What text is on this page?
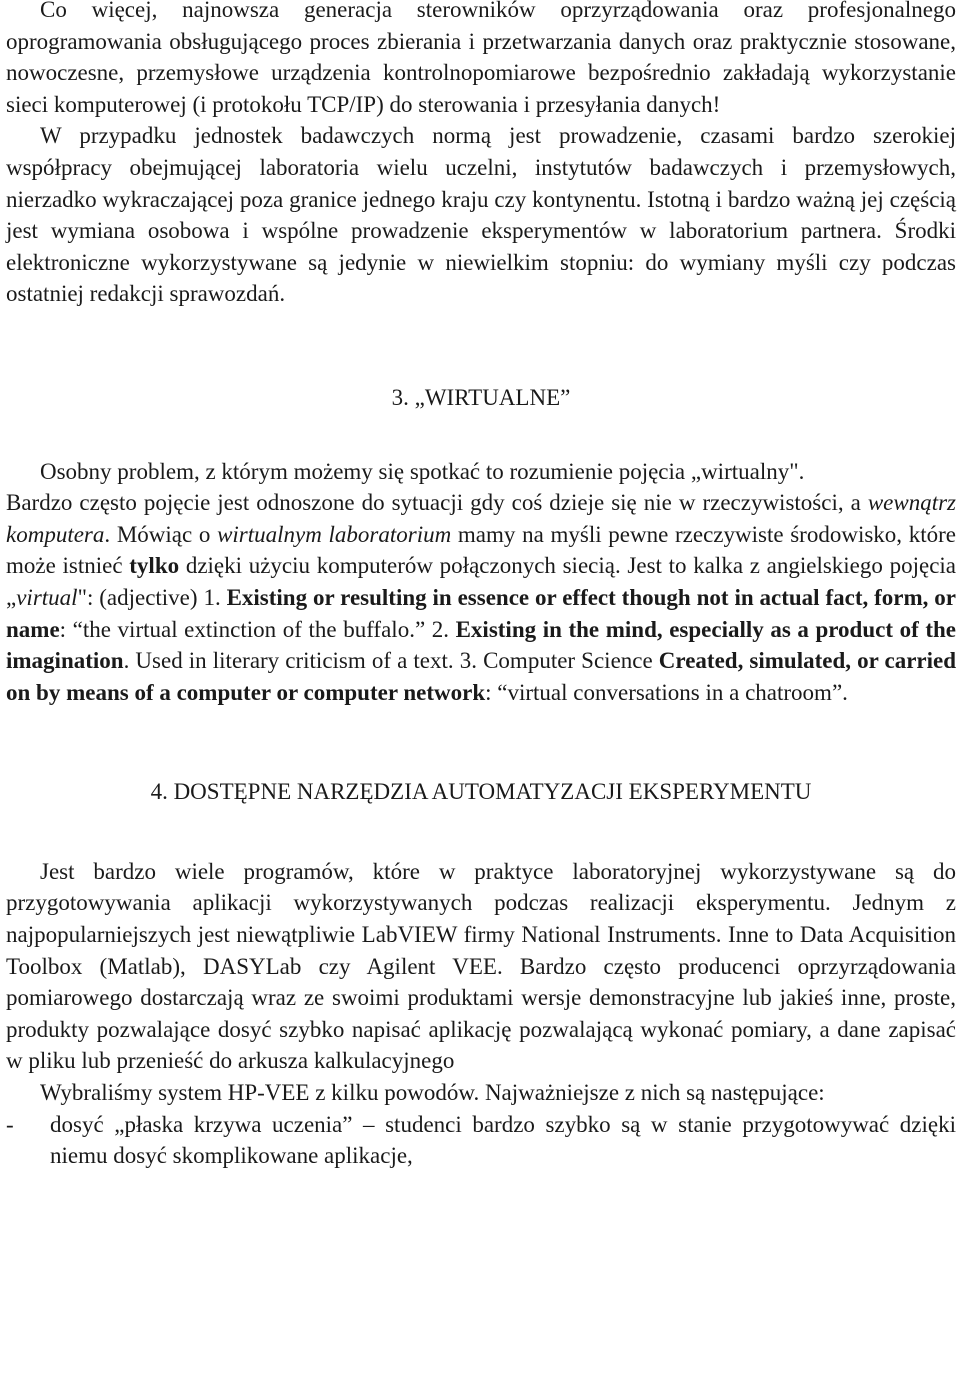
Co więcej, najnowsza generacja sterowników oprzyrządowania oraz profesjonalnego oprogramowania obsługującego proces zbierania i przetwarzania danych oraz praktycznie stosowane, nowoczesne, przemysłowe urządzenia kontrolnopomiarowe bezpośrednio zakładają wykorzystanie sieci komputerowej (i protokołu TCP/IP) do sterowania i przesyłania danych!

W przypadku jednostek badawczych normą jest prowadzenie, czasami bardzo szerokiej współpracy obejmującej laboratoria wielu uczelni, instytutów badawczych i przemysłowych, nierzadko wykraczającej poza granice jednego kraju czy kontynentu. Istotną i bardzo ważną jej częścią jest wymiana osobowa i wspólne prowadzenie eksperymentów w laboratorium partnera. Środki elektroniczne wykorzystywane są jedynie w niewielkim stopniu: do wymiany myśli czy podczas ostatniej redakcji sprawozdań.

3. „WIRTUALNE”

Osobny problem, z którym możemy się spotkać to rozumienie pojęcia „wirtualny".

Bardzo często pojęcie jest odnoszone do sytuacji gdy coś dzieje się nie w rzeczywistości, a wewnątrz komputera. Mówiąc o wirtualnym laboratorium mamy na myśli pewne rzeczywiste środowisko, które może istnieć tylko dzięki użyciu komputerów połączonych siecią. Jest to kalka z angielskiego pojęcia „virtual": (adjective) 1. Existing or resulting in essence or effect though not in actual fact, form, or name: “the virtual extinction of the buffalo.” 2. Existing in the mind, especially as a product of the imagination. Used in literary criticism of a text. 3. Computer Science Created, simulated, or carried on by means of a computer or computer network: “virtual conversations in a chatroom”.

4. DOSTĘPNE NARZĘDZIA AUTOMATYZACJI EKSPERYMENTU

Jest bardzo wiele programów, które w praktyce laboratoryjnej wykorzystywane są do przygotowywania aplikacji wykorzystywanych podczas realizacji eksperymentu. Jednym z najpopularniejszych jest niewątpliwie LabVIEW firmy National Instruments. Inne to Data Acquisition Toolbox (Matlab), DASYLab czy Agilent VEE. Bardzo często producenci oprzyrządowania pomiarowego dostarczają wraz ze swoimi produktami wersje demonstracyjne lub jakieś inne, proste, produkty pozwalające dosyć szybko napisać aplikację pozwalającą wykonać pomiary, a dane zapisać w pliku lub przenieść do arkusza kalkulacyjnego

Wybraliśmy system HP-VEE z kilku powodów. Najważniejsze z nich są następujące:

-	dosyć „płaska krzywa uczenia” – studenci bardzo szybko są w stanie przygotowywać dzięki niemu dosyć skomplikowane aplikacje,
